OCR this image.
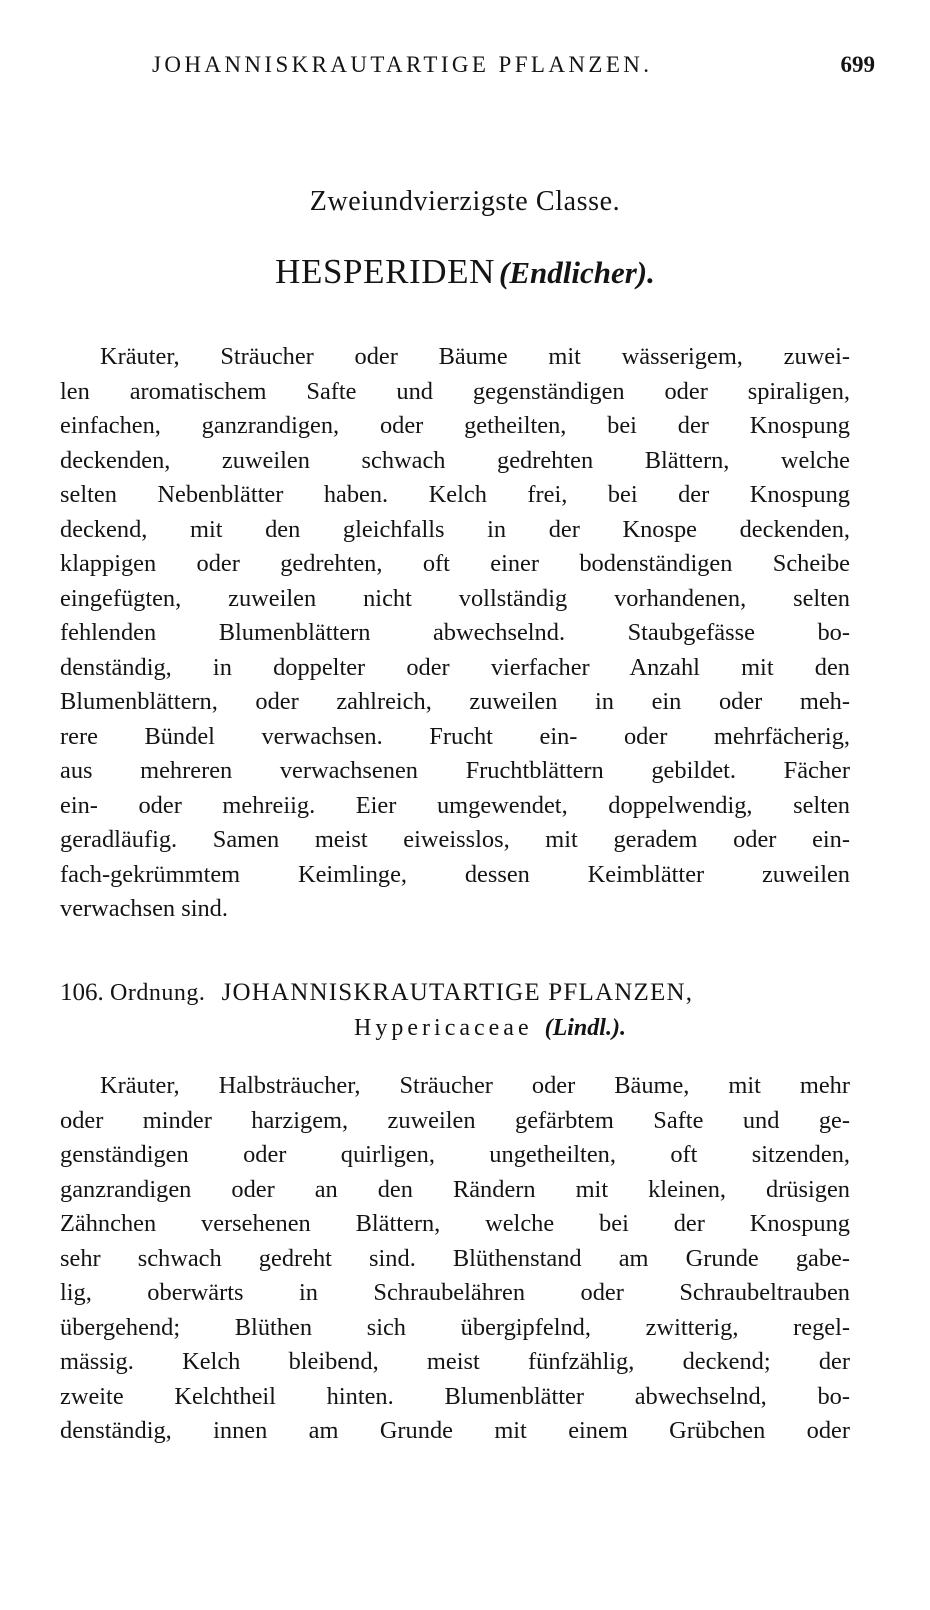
JOHANNISKRAUTARTIGE PFLANZEN.	699
Zweiundvierzigste Classe.
HESPERIDEN (Endlicher).

Kräuter, Sträucher oder Bäume mit wässerigem, zuwei-
len aromatischem Safte und gegenständigen oder spiraligen,
einfachen, ganzrandigen, oder getheilten, bei der Knospung
deckenden, zuweilen schwach gedrehten Blättern, welche
selten Nebenblätter haben. Kelch frei, bei der Knospung
deckend, mit den gleichfalls in der Knospe deckenden,
klappigen oder gedrehten, oft einer bodenständigen Scheibe
eingefügten, zuweilen nicht vollständig vorhandenen, selten
fehlenden Blumenblättern abwechselnd. Staubgefässe bo-
denständig, in doppelter oder vierfacher Anzahl mit den
Blumenblättern, oder zahlreich, zuweilen in ein oder meh-
rere Bündel verwachsen. Frucht ein- oder mehrfächerig,
aus mehreren verwachsenen Fruchtblättern gebildet. Fächer
ein- oder mehreiig. Eier umgewendet, doppelwendig, selten
geradläufig. Samen meist eiweisslos, mit geradem oder ein-
fach-gekrümmtem Keimlinge, dessen Keimblätter zuweilen
verwachsen sind.

106. Ordnung. JOHANNISKRAUTARTIGE PFLANZEN,
Hypericaceae (Lindl.).

Kräuter, Halbsträucher, Sträucher oder Bäume, mit mehr
oder minder harzigem, zuweilen gefärbtem Safte und ge-
genständigen oder quirligen, ungetheilten, oft sitzenden,
ganzrandigen oder an den Rändern mit kleinen, drüsigen
Zähnchen versehenen Blättern, welche bei der Knospung
sehr schwach gedreht sind. Blüthenstand am Grunde gabe-
lig, oberwärts in Schraubelähren oder Schraubeltrauben
übergehend; Blüthen sich übergipfelnd, zwitterig, regel-
mässig. Kelch bleibend, meist fünfzählig, deckend; der
zweite Kelchtheil hinten. Blumenblätter abwechselnd, bo-
denständig, innen am Grunde mit einem Grübchen oder
